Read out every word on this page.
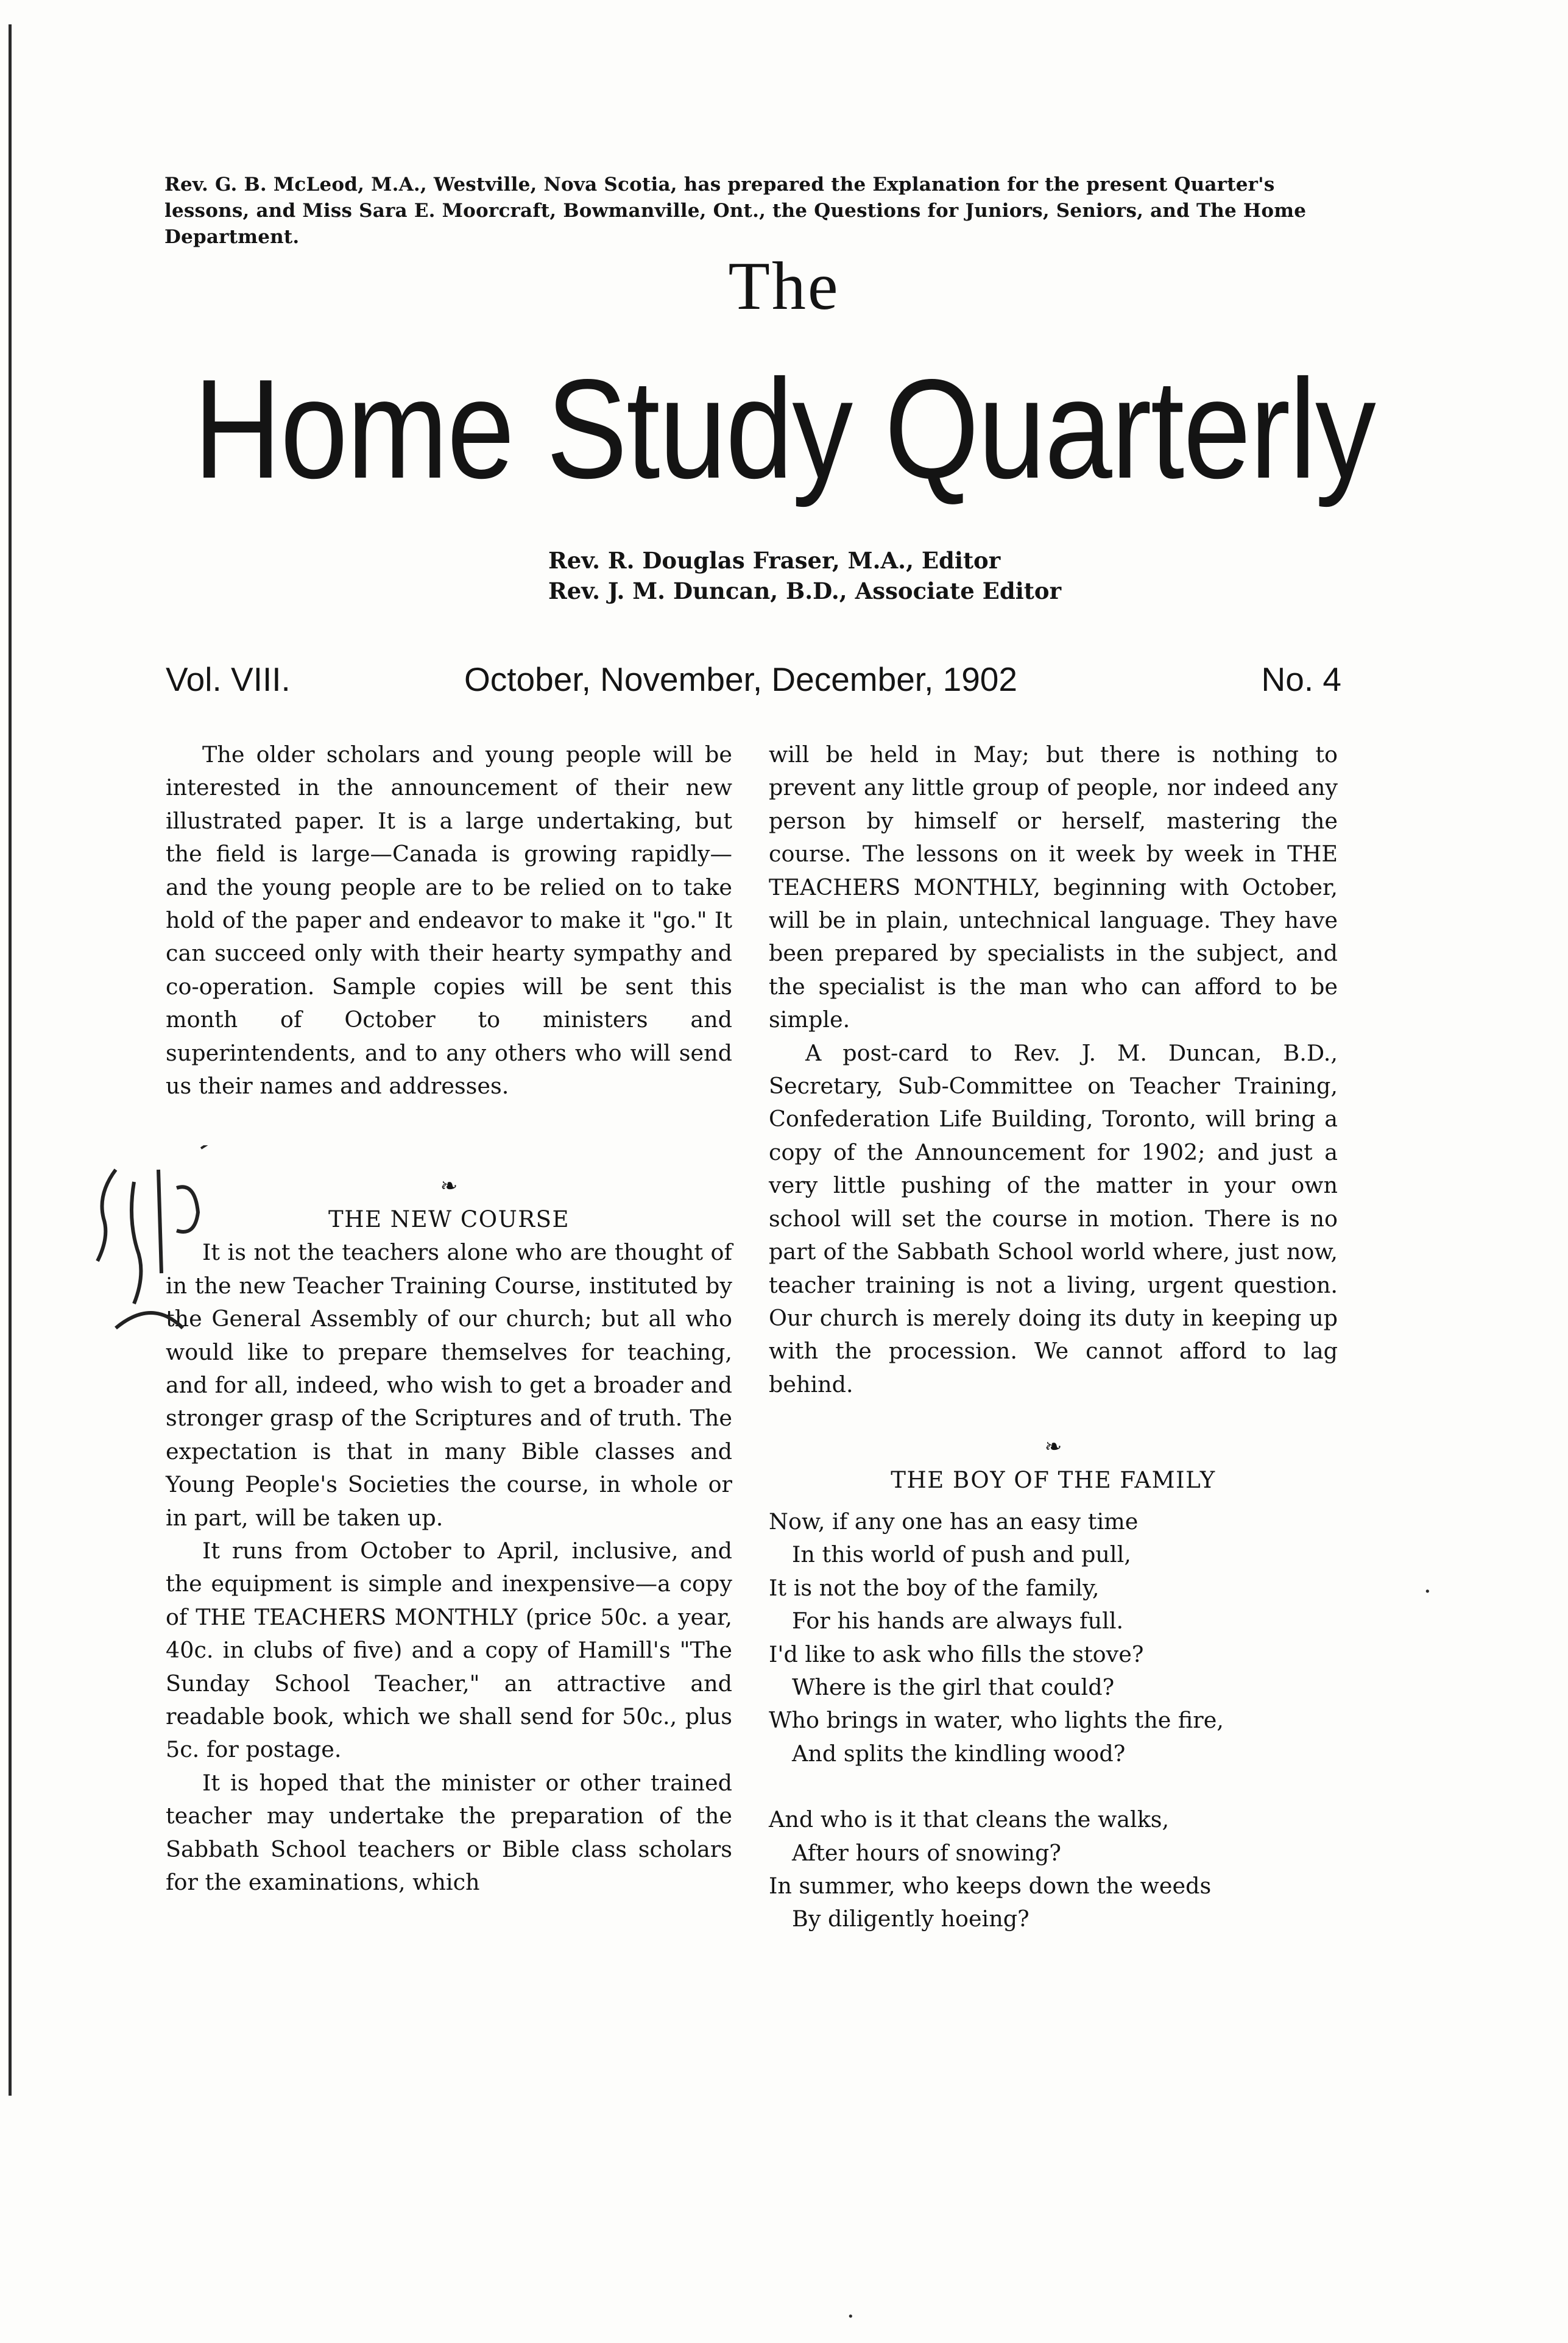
Rev. G. B. McLeod, M.A., Westville, Nova Scotia, has prepared the Explanation for the present Quarter's lessons, and Miss Sara E. Moorcraft, Bowmanville, Ont., the Questions for Juniors, Seniors, and The Home Department.
The
Home Study Quarterly
Rev. R. Douglas Fraser, M.A., Editor
Rev. J. M. Duncan, B.D., Associate Editor
Vol. VIII.	October, November, December, 1902	No. 4

The older scholars and young people will be interested in the announcement of their new illustrated paper. It is a large undertaking, but the field is large—Canada is growing rapidly—and the young people are to be relied on to take hold of the paper and endeavor to make it "go." It can succeed only with their hearty sympathy and co-operation. Sample copies will be sent this month of October to ministers and superintendents, and to any others who will send us their names and addresses.

❧
THE NEW COURSE

It is not the teachers alone who are thought of in the new Teacher Training Course, instituted by the General Assembly of our church; but all who would like to prepare themselves for teaching, and for all, indeed, who wish to get a broader and stronger grasp of the Scriptures and of truth. The expectation is that in many Bible classes and Young People's Societies the course, in whole or in part, will be taken up.

It runs from October to April, inclusive, and the equipment is simple and inexpensive—a copy of THE TEACHERS MONTHLY (price 50c. a year, 40c. in clubs of five) and a copy of Hamill's "The Sunday School Teacher," an attractive and readable book, which we shall send for 50c., plus 5c. for postage.

It is hoped that the minister or other trained teacher may undertake the preparation of the Sabbath School teachers or Bible class scholars for the examinations, which

will be held in May; but there is nothing to prevent any little group of people, nor indeed any person by himself or herself, mastering the course. The lessons on it week by week in THE TEACHERS MONTHLY, beginning with October, will be in plain, untechnical language. They have been prepared by specialists in the subject, and the specialist is the man who can afford to be simple.

A post-card to Rev. J. M. Duncan, B.D., Secretary, Sub-Committee on Teacher Training, Confederation Life Building, Toronto, will bring a copy of the Announcement for 1902; and just a very little pushing of the matter in your own school will set the course in motion. There is no part of the Sabbath School world where, just now, teacher training is not a living, urgent question. Our church is merely doing its duty in keeping up with the procession. We cannot afford to lag behind.

❧
THE BOY OF THE FAMILY
Now, if any one has an easy time
In this world of push and pull,
It is not the boy of the family,
For his hands are always full.
I'd like to ask who fills the stove?
Where is the girl that could?
Who brings in water, who lights the fire,
And splits the kindling wood?
And who is it that cleans the walks,
After hours of snowing?
In summer, who keeps down the weeds
By diligently hoeing?
·
·
